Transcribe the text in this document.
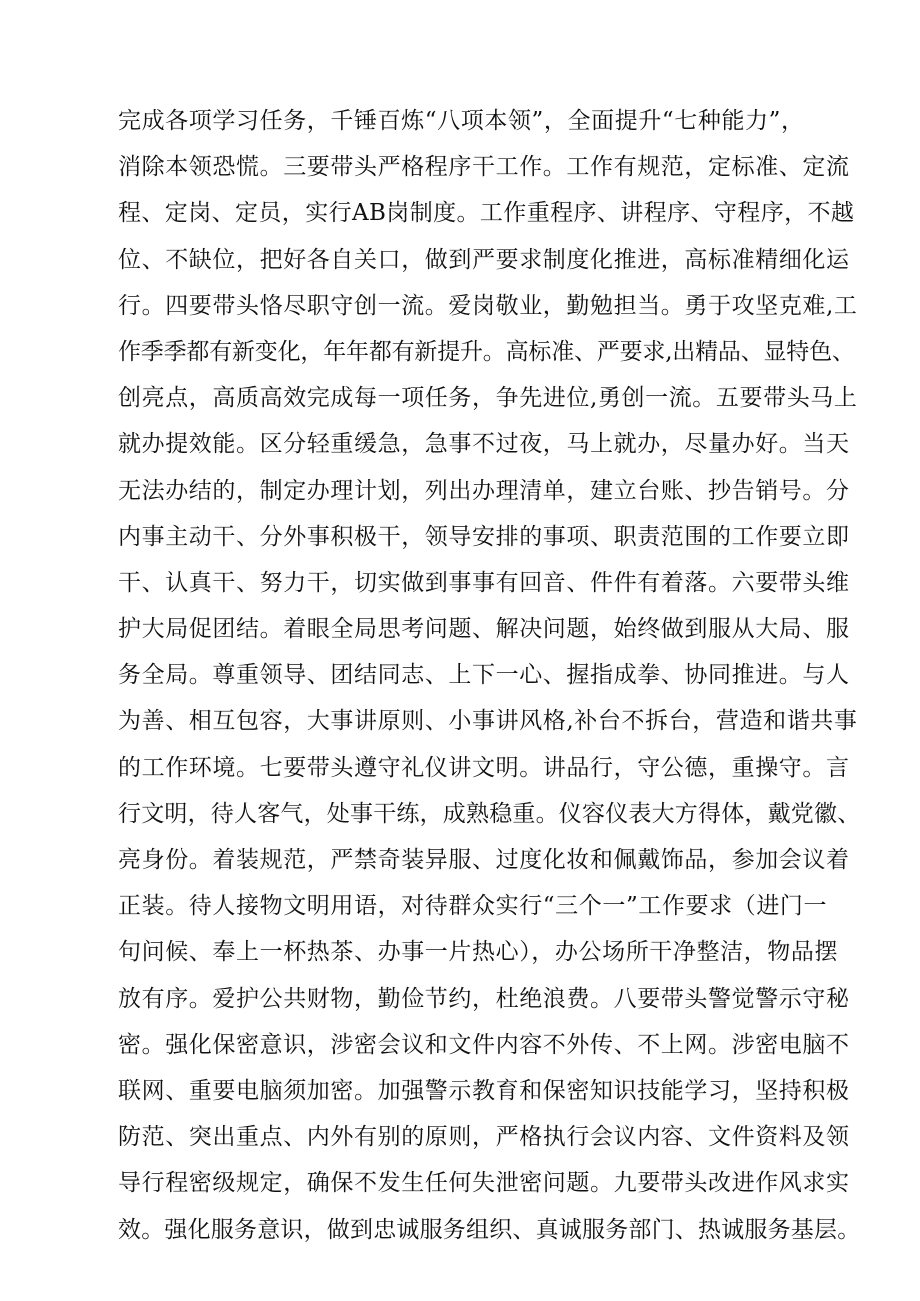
完成各项学习任务，千锤百炼“八项本领”，全面提升“七种能力”，
消除本领恐慌。三要带头严格程序干工作。工作有规范，定标准、定流
程、定岗、定员，实行AB岗制度。工作重程序、讲程序、守程序，不越
位、不缺位，把好各自关口，做到严要求制度化推进，高标准精细化运
行。四要带头恪尽职守创一流。爱岗敬业，勤勉担当。勇于攻坚克难,工
作季季都有新变化，年年都有新提升。高标准、严要求,出精品、显特色、
创亮点，高质高效完成每一项任务，争先进位,勇创一流。五要带头马上
就办提效能。区分轻重缓急，急事不过夜，马上就办，尽量办好。当天
无法办结的，制定办理计划，列出办理清单，建立台账、抄告销号。分
内事主动干、分外事积极干，领导安排的事项、职责范围的工作要立即
干、认真干、努力干，切实做到事事有回音、件件有着落。六要带头维
护大局促团结。着眼全局思考问题、解决问题，始终做到服从大局、服
务全局。尊重领导、团结同志、上下一心、握指成拳、协同推进。与人
为善、相互包容，大事讲原则、小事讲风格,补台不拆台，营造和谐共事
的工作环境。七要带头遵守礼仪讲文明。讲品行，守公德，重操守。言
行文明，待人客气，处事干练，成熟稳重。仪容仪表大方得体，戴党徽、
亮身份。着装规范，严禁奇装异服、过度化妆和佩戴饰品，参加会议着
正装。待人接物文明用语，对待群众实行“三个一”工作要求（进门一
句问候、奉上一杯热茶、办事一片热心），办公场所干净整洁，物品摆
放有序。爱护公共财物，勤俭节约，杜绝浪费。八要带头警觉警示守秘
密。强化保密意识，涉密会议和文件内容不外传、不上网。涉密电脑不
联网、重要电脑须加密。加强警示教育和保密知识技能学习，坚持积极
防范、突出重点、内外有别的原则，严格执行会议内容、文件资料及领
导行程密级规定，确保不发生任何失泄密问题。九要带头改进作风求实
效。强化服务意识，做到忠诚服务组织、真诚服务部门、热诚服务基层。
